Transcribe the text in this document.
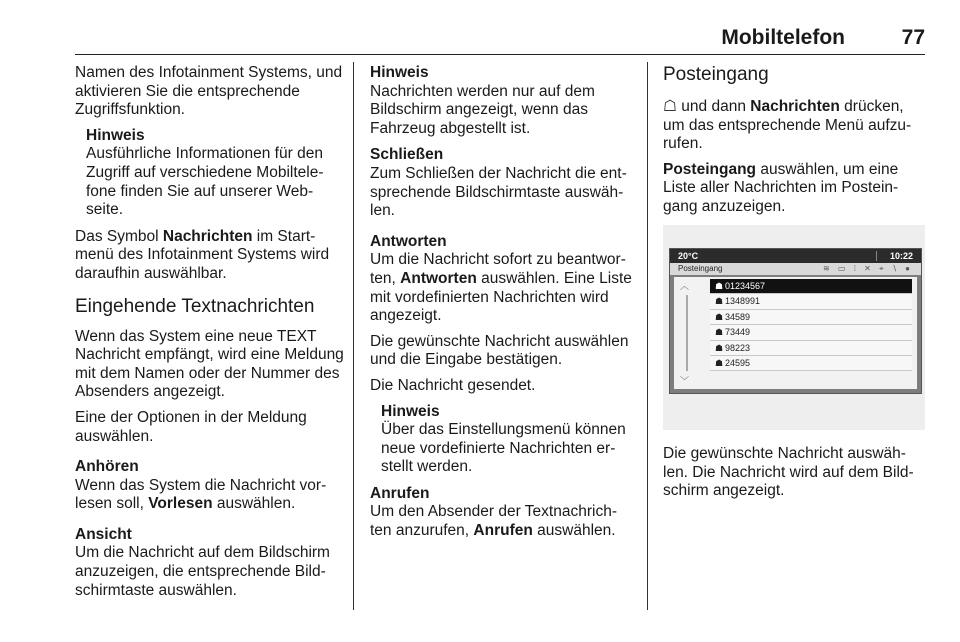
Mobiltelefon	77

Namen des Infotainment Systems, und aktivieren Sie die entsprechende Zugriffsfunktion.

Hinweis
Ausführliche Informationen für den Zugriff auf verschiedene Mobiltelefone finden Sie auf unserer Webseite.

Das Symbol Nachrichten im Startmenü des Infotainment Systems wird daraufhin auswählbar.

Eingehende Textnachrichten

Wenn das System eine neue TEXT Nachricht empfängt, wird eine Meldung mit dem Namen oder der Nummer des Absenders angezeigt.

Eine der Optionen in der Meldung auswählen.

Anhören
Wenn das System die Nachricht vorlesen soll, Vorlesen auswählen.
Ansicht
Um die Nachricht auf dem Bildschirm anzuzeigen, die entsprechende Bildschirmtaste auswählen.
Hinweis
Nachrichten werden nur auf dem Bildschirm angezeigt, wenn das Fahrzeug abgestellt ist.
Schließen
Zum Schließen der Nachricht die entsprechende Bildschirmtaste auswählen.
Antworten
Um die Nachricht sofort zu beantworten, Antworten auswählen. Eine Liste mit vordefinierten Nachrichten wird angezeigt.

Die gewünschte Nachricht auswählen und die Eingabe bestätigen.

Die Nachricht gesendet.

Hinweis
Über das Einstellungsmenü können neue vordefinierte Nachrichten erstellt werden.
Anrufen
Um den Absender der Textnachrichten anzurufen, Anrufen auswählen.
Posteingang

☖ und dann Nachrichten drücken, um das entsprechende Menü aufzurufen.

Posteingang auswählen, um eine Liste aller Nachrichten im Posteingang anzuzeigen.

20°C	10:22
Posteingang	≋ ▭ ⁞ ✕ ⌖ ∖ ●
︿
﹀
☗ 01234567
☗ 1348991
☗ 34589
☗ 73449
☗ 98223
☗ 24595

Die gewünschte Nachricht auswählen. Die Nachricht wird auf dem Bildschirm angezeigt.
